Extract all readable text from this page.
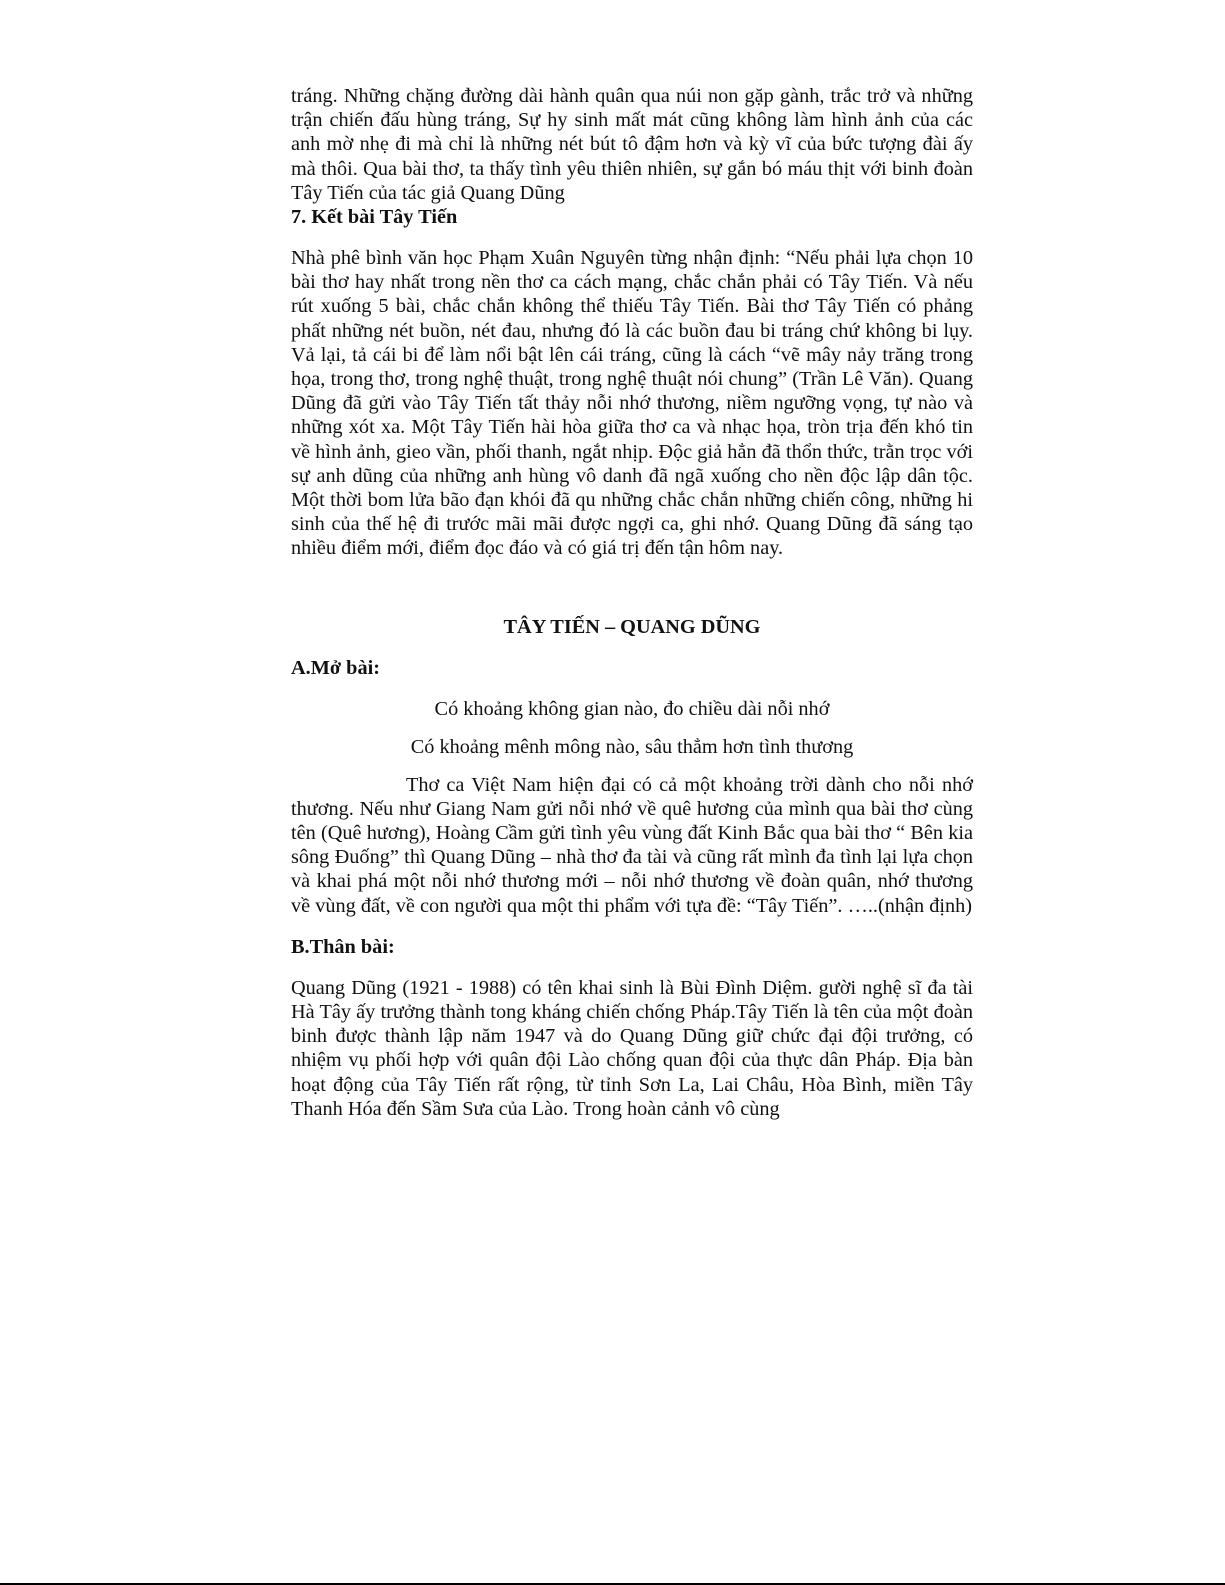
tráng. Những chặng đường dài hành quân qua núi non gặp gành, trắc trở và những trận chiến đấu hùng tráng, Sự hy sinh mất mát cũng không làm hình ảnh của các anh mờ nhẹ đi mà chỉ là những nét bút tô đậm hơn và kỳ vĩ của bức tượng đài ấy mà thôi. Qua bài thơ, ta thấy tình yêu thiên nhiên, sự gắn bó máu thịt với binh đoàn Tây Tiến của tác giả Quang Dũng

7. Kết bài Tây Tiến

Nhà phê bình văn học Phạm Xuân Nguyên từng nhận định: “Nếu phải lựa chọn 10 bài thơ hay nhất trong nền thơ ca cách mạng, chắc chắn phải có Tây Tiến. Và nếu rút xuống 5 bài, chắc chắn không thể thiếu Tây Tiến. Bài thơ Tây Tiến có phảng phất những nét buồn, nét đau, nhưng đó là các buồn đau bi tráng chứ không bi lụy. Vả lại, tả cái bi để làm nổi bật lên cái tráng, cũng là cách “vẽ mây nảy trăng trong họa, trong thơ, trong nghệ thuật, trong nghệ thuật nói chung” (Trần Lê Văn). Quang Dũng đã gửi vào Tây Tiến tất thảy nỗi nhớ thương, niềm ngưỡng vọng, tự nào và những xót xa. Một Tây Tiến hài hòa giữa thơ ca và nhạc họa, tròn trịa đến khó tin về hình ảnh, gieo vần, phối thanh, ngắt nhịp. Độc giả hẳn đã thổn thức, trằn trọc với sự anh dũng của những anh hùng vô danh đã ngã xuống cho nền độc lập dân tộc. Một thời bom lửa bão đạn khói đã qu những chắc chắn những chiến công, những hi sinh của thế hệ đi trước mãi mãi được ngợi ca, ghi nhớ. Quang Dũng đã sáng tạo nhiều điểm mới, điểm đọc đáo và có giá trị đến tận hôm nay.

TÂY TIẾN – QUANG DŨNG

A.Mở bài:

Có khoảng không gian nào, đo chiều dài nỗi nhớ

Có khoảng mênh mông nào, sâu thẳm hơn tình thương

Thơ ca Việt Nam hiện đại có cả một khoảng trời dành cho nỗi nhớ thương. Nếu như Giang Nam gửi nỗi nhớ về quê hương của mình qua bài thơ cùng tên (Quê hương), Hoàng Cầm gửi tình yêu vùng đất Kinh Bắc qua bài thơ “ Bên kia sông Đuống” thì Quang Dũng – nhà thơ đa tài và cũng rất mình đa tình lại lựa chọn và khai phá một nỗi nhớ thương mới – nỗi nhớ thương về đoàn quân, nhớ thương về vùng đất, về con người qua một thi phẩm với tựa đề: “Tây Tiến”. …..(nhận định)

B.Thân bài:

Quang Dũng (1921 - 1988) có tên khai sinh là Bùi Đình Diệm. gười nghệ sĩ đa tài Hà Tây ấy trưởng thành tong kháng chiến chống Pháp.Tây Tiến là tên của một đoàn binh được thành lập năm 1947 và do Quang Dũng giữ chức đại đội trưởng, có nhiệm vụ phối hợp với quân đội Lào chống quan đội của thực dân Pháp. Địa bàn hoạt động của Tây Tiến rất rộng, từ tỉnh Sơn La, Lai Châu, Hòa Bình, miền Tây Thanh Hóa đến Sầm Sưa của Lào. Trong hoàn cảnh vô cùng
